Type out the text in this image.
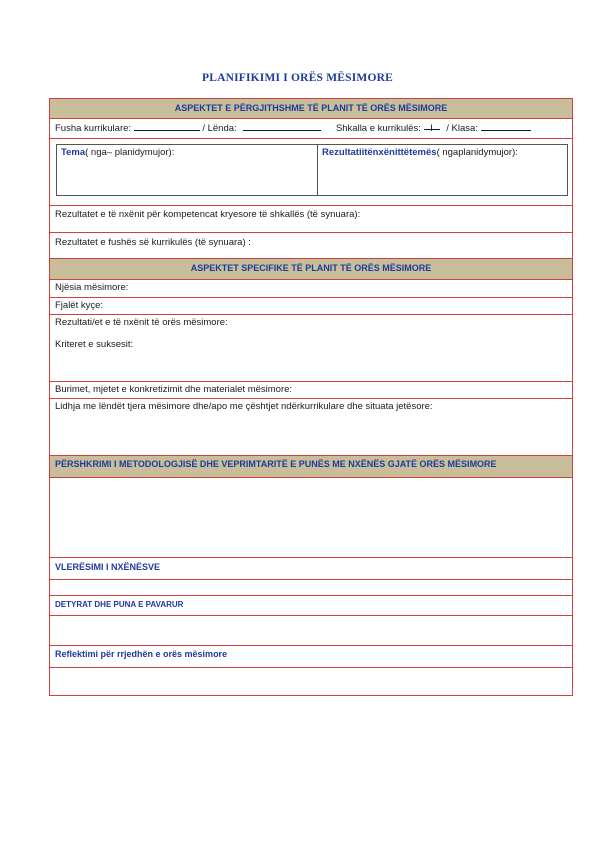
PLANIFIKIMI I ORËS MËSIMORE
ASPEKTET E PËRGJITHSHME TË PLANIT TË ORËS MËSIMORE
Fusha kurrikulare:	/ Lënda:	Shkalla e kurrikulës: I / Klasa:
Tema( nga– planidymujor):	Rezultatiitënxënittëtemës( ngaplanidymujor):
Rezultatet e të nxënit për kompetencat kryesore të shkallës (të synuara):
Rezultatet e fushës së kurrikulës (të synuara) :
ASPEKTET SPECIFIKE TË PLANIT TË ORËS MËSIMORE
Njësia mësimore:
Fjalët kyçe:
Rezultati/et e të nxënit të orës mësimore:
Kriteret e suksesit:
Burimet, mjetet e konkretizimit dhe materialet mësimore:
Lidhja me lëndët tjera mësimore dhe/apo me çështjet ndërkurrikulare dhe situata jetësore:
PËRSHKRIMI I METODOLOGJISË DHE VEPRIMTARITË E PUNËS ME NXËNËS GJATË ORËS MËSIMORE
VLERËSIMI I NXËNËSVE
DETYRAT DHE PUNA E PAVARUR
Reflektimi për rrjedhën e orës mësimore
